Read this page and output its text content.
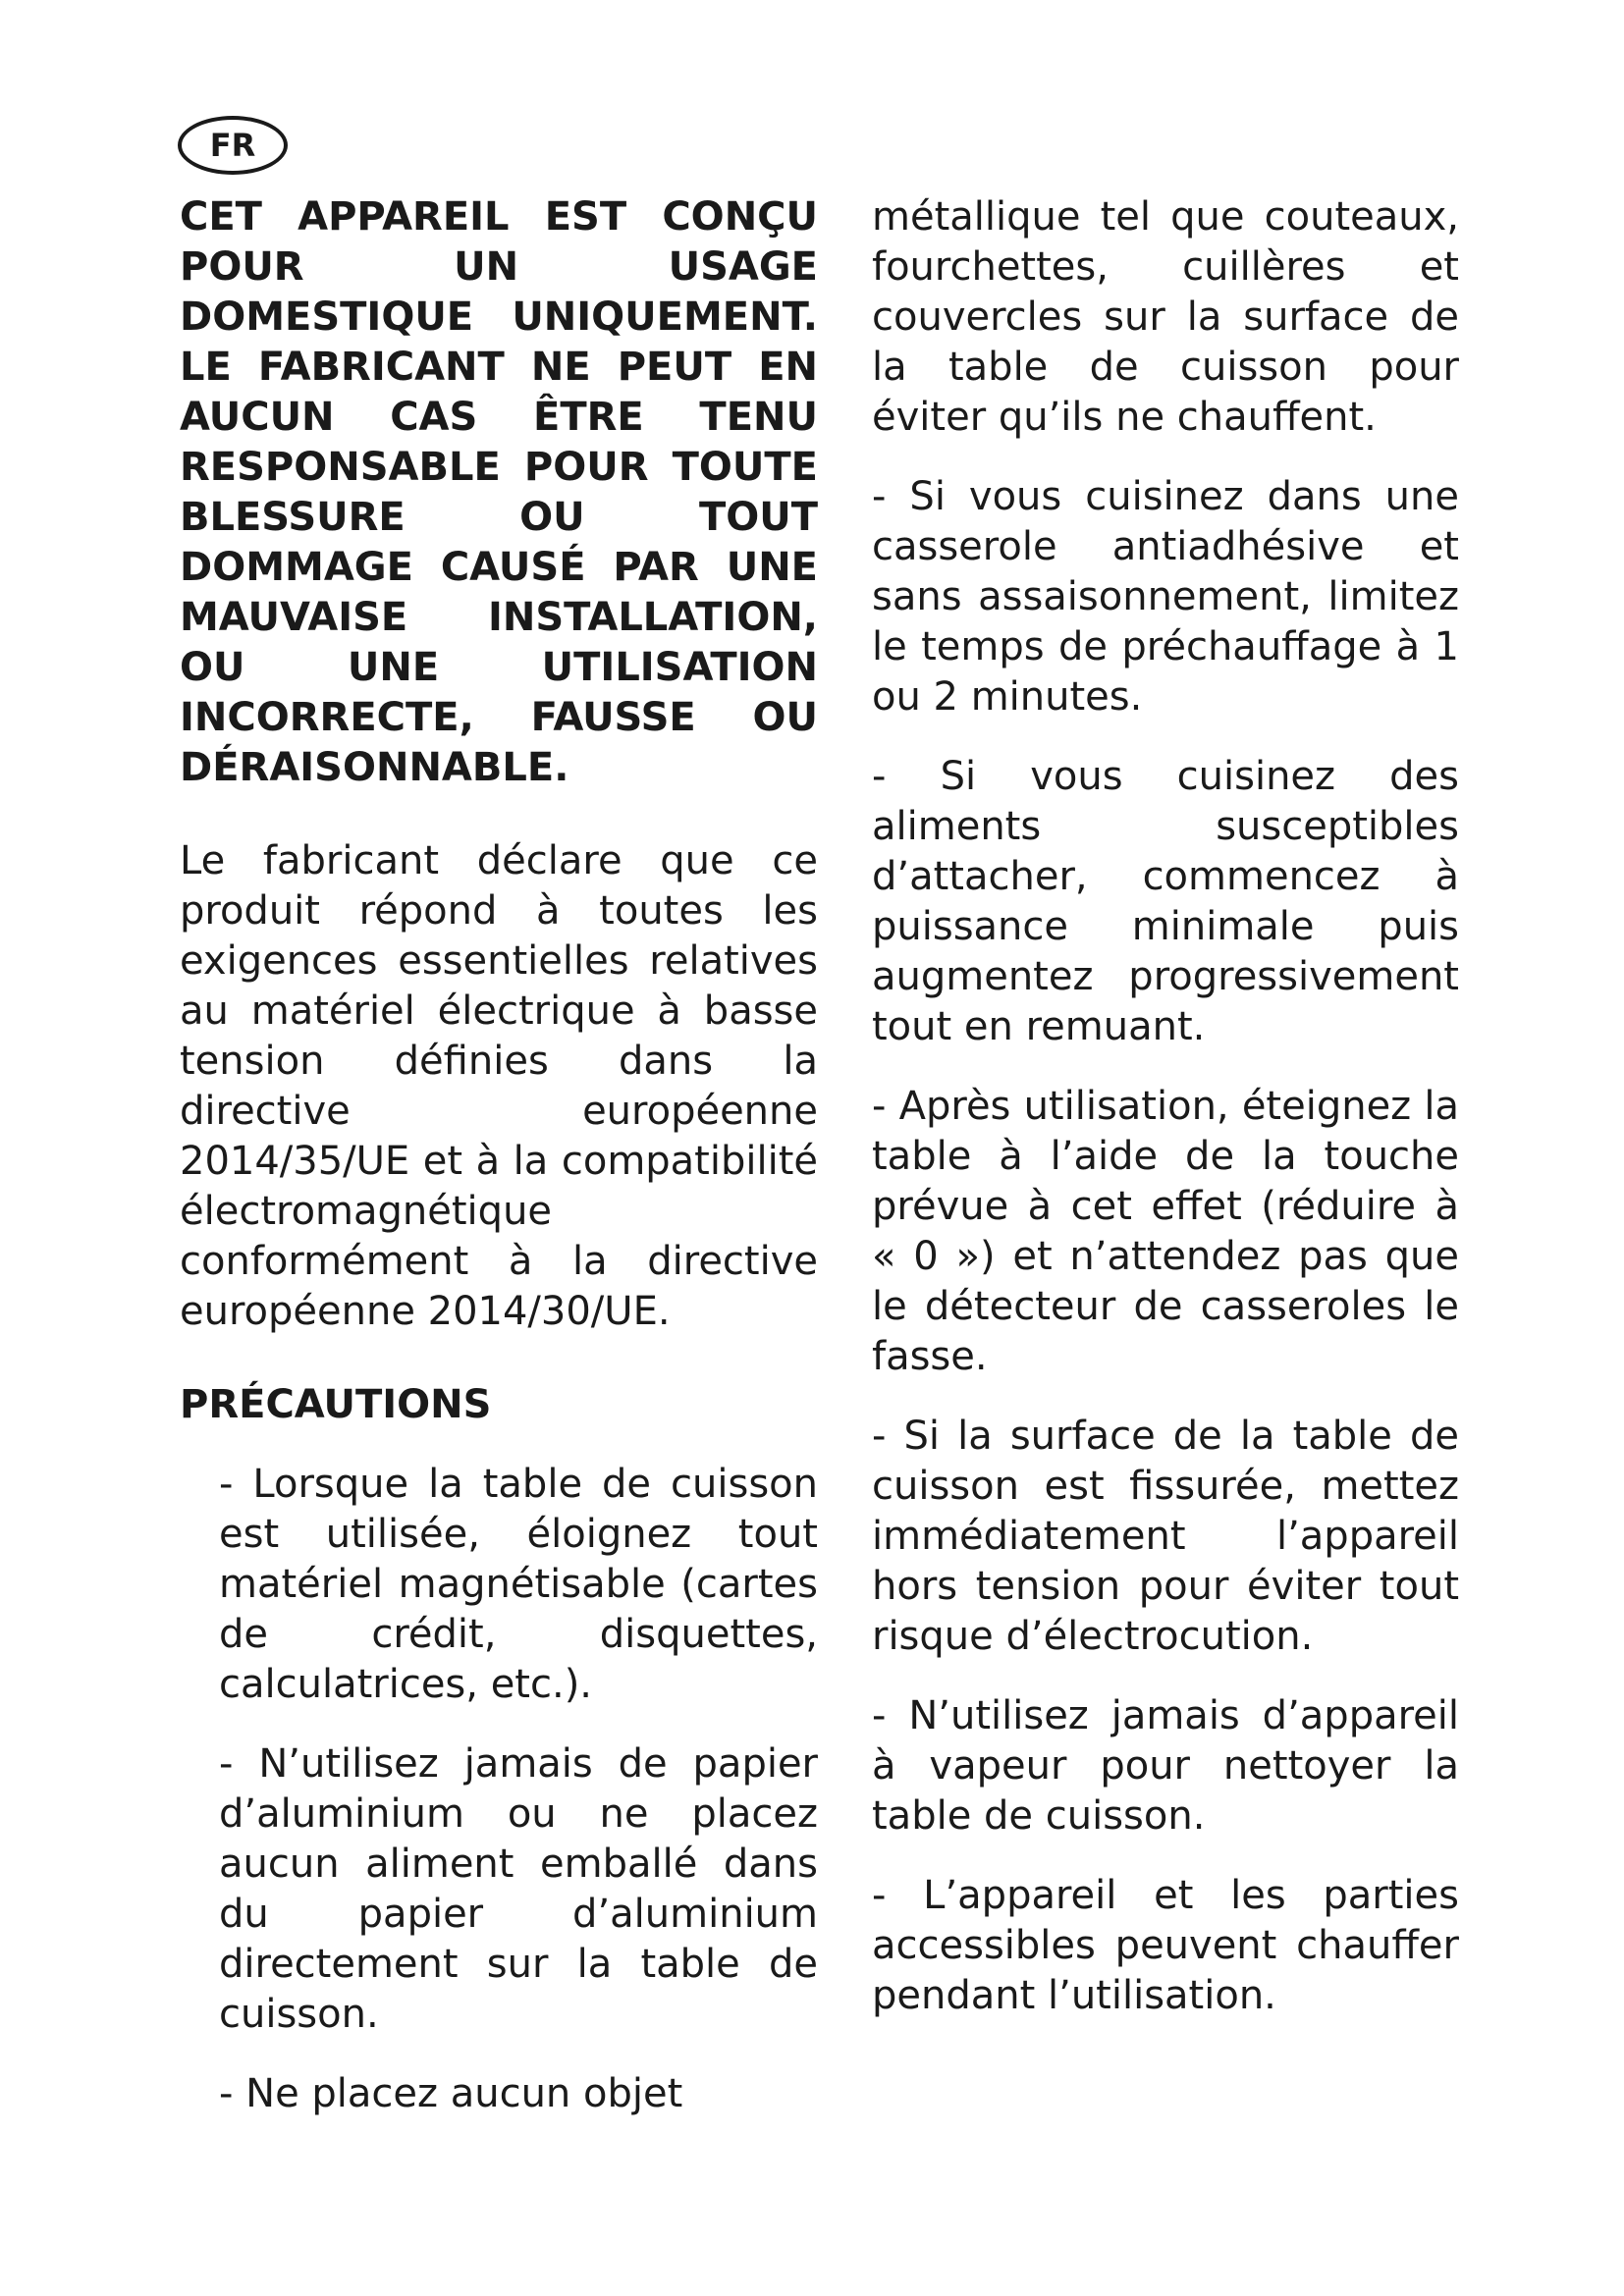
FR

CET APPAREIL EST CONÇU POUR UN USAGE DOMESTIQUE UNIQUEMENT. LE FABRICANT NE PEUT EN AUCUN CAS ÊTRE TENU RESPONSABLE POUR TOUTE BLESSURE OU TOUT DOMMAGE CAUSÉ PAR UNE MAUVAISE INSTALLATION, OU UNE UTILISATION INCORRECTE, FAUSSE OU DÉRAISONNABLE.

Le fabricant déclare que ce produit répond à toutes les exigences essentielles relatives au matériel électrique à basse tension définies dans la directive européenne 2014/35/UE et à la compatibilité électromagnétique conformément à la directive européenne 2014/30/UE.

PRÉCAUTIONS

- Lorsque la table de cuisson est utilisée, éloignez tout matériel magnétisable (cartes de crédit, disquettes, calculatrices, etc.).

- N’utilisez jamais de papier d’aluminium ou ne placez aucun aliment emballé dans du papier d’aluminium directement sur la table de cuisson.

- Ne placez aucun objet

métallique tel que couteaux, fourchettes, cuillères et couvercles sur la surface de la table de cuisson pour éviter qu’ils ne chauffent.

- Si vous cuisinez dans une casserole antiadhésive et sans assaisonnement, limitez le temps de préchauffage à 1 ou 2 minutes.

- Si vous cuisinez des aliments susceptibles d’attacher, commencez à puissance minimale puis augmentez progressivement tout en remuant.

- Après utilisation, éteignez la table à l’aide de la touche prévue à cet effet (réduire à « 0 ») et n’attendez pas que le détecteur de casseroles le fasse.

- Si la surface de la table de cuisson est fissurée, mettez immédiatement l’appareil hors tension pour éviter tout risque d’électrocution.

- N’utilisez jamais d’appareil à vapeur pour nettoyer la table de cuisson.

- L’appareil et les parties accessibles peuvent chauffer pendant l’utilisation.
